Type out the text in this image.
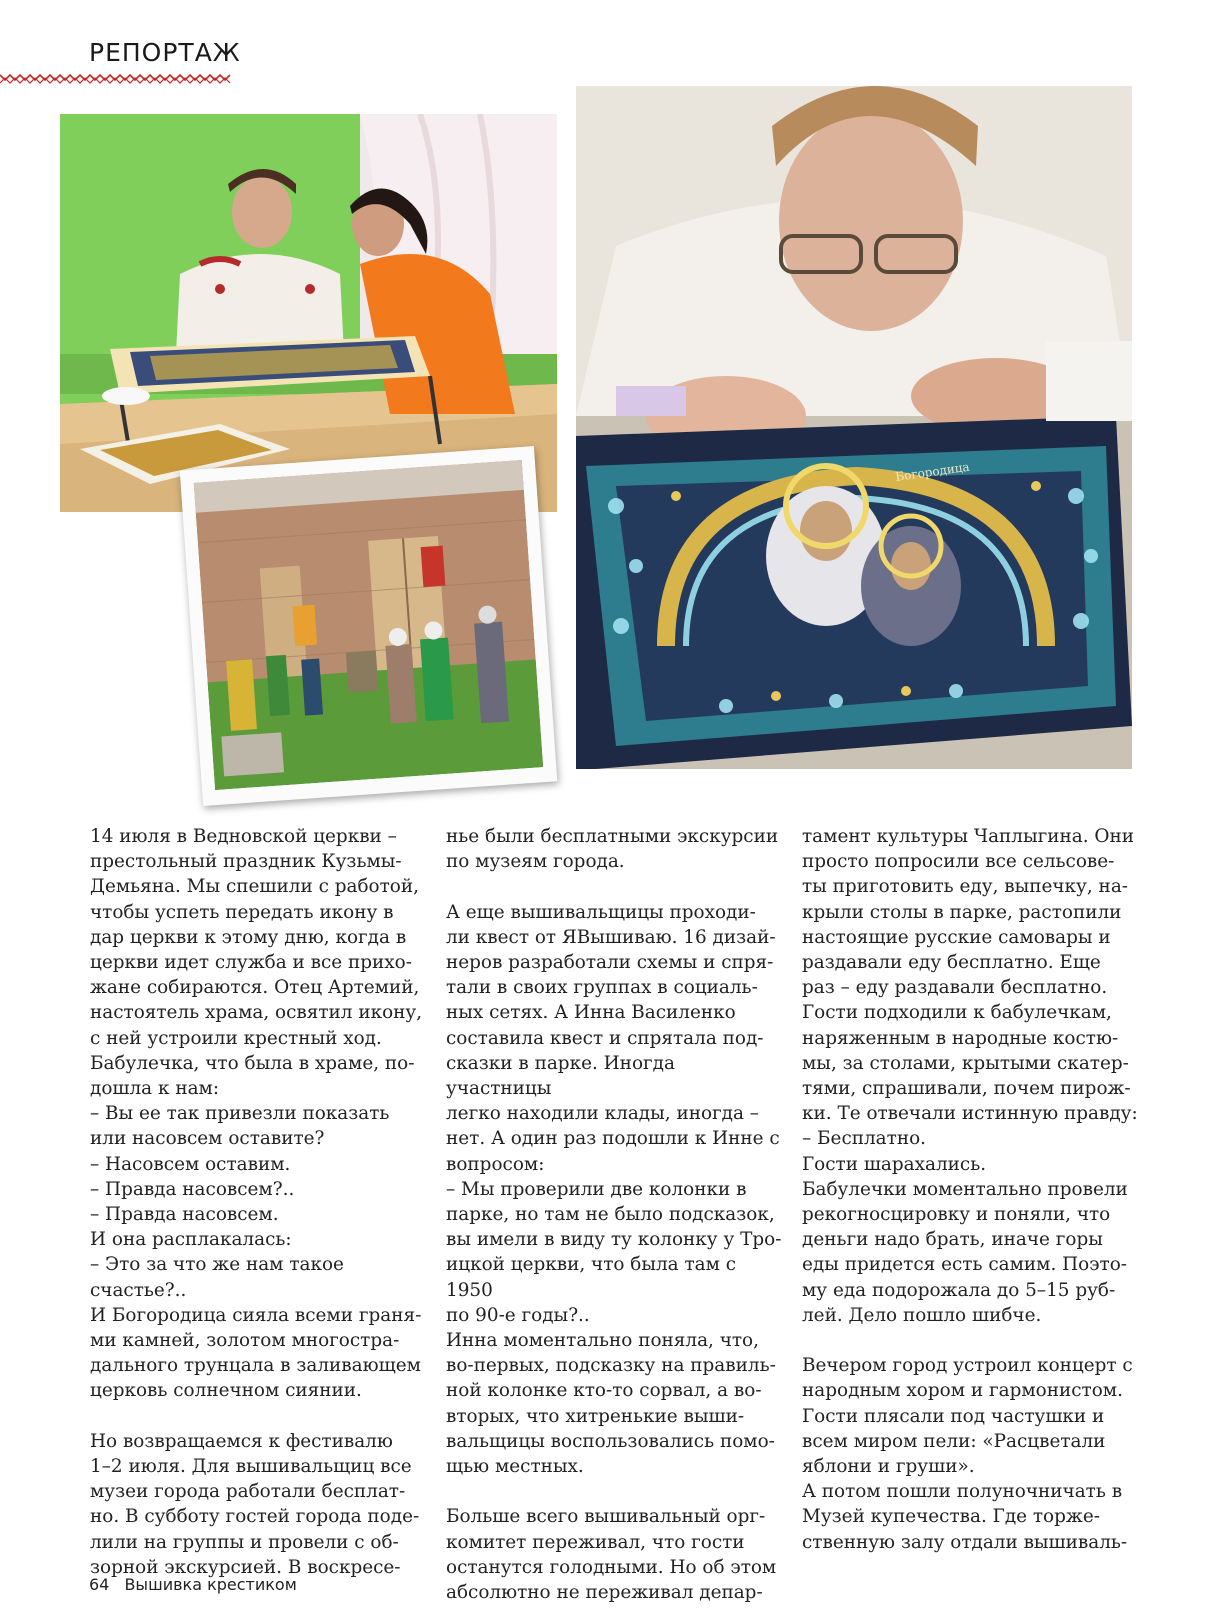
РЕПОРТАЖ
Богородица

14 июля в Ведновской церкви –
престольный праздник Кузьмы-
Демьяна. Мы спешили с работой,
чтобы успеть передать икону в
дар церкви к этому дню, когда в
церкви идет служба и все прихо-
жане собираются. Отец Артемий,
настоятель храма, освятил икону,
с ней устроили крестный ход.
Бабулечка, что была в храме, по-
дошла к нам:
– Вы ее так привезли показать
или насовсем оставите?
– Насовсем оставим.
– Правда насовсем?..
– Правда насовсем.
И она расплакалась:
– Это за что же нам такое счастье?..
И Богородица сияла всеми граня-
ми камней, золотом многостра-
дального трунцала в заливающем
церковь солнечном сиянии.

Но возвращаемся к фестивалю
1–2 июля. Для вышивальщиц все
музеи города работали бесплат-
но. В субботу гостей города поде-
лили на группы и провели с об-
зорной экскурсией. В воскресе-

нье были бесплатными экскурсии
по музеям города.

А еще вышивальщицы проходи-
ли квест от ЯВышиваю. 16 дизай-
неров разработали схемы и спря-
тали в своих группах в социаль-
ных сетях. А Инна Василенко
составила квест и спрятала под-
сказки в парке. Иногда участницы
легко находили клады, иногда –
нет. А один раз подошли к Инне с
вопросом:
– Мы проверили две колонки в
парке, но там не было подсказок,
вы имели в виду ту колонку у Тро-
ицкой церкви, что была там с 1950
по 90-е годы?..
Инна моментально поняла, что,
во-первых, подсказку на правиль-
ной колонке кто-то сорвал, а во-
вторых, что хитренькие выши-
вальщицы воспользовались помо-
щью местных.

Больше всего вышивальный орг-
комитет переживал, что гости
останутся голодными. Но об этом
абсолютно не переживал депар-

тамент культуры Чаплыгина. Они
просто попросили все сельсове-
ты приготовить еду, выпечку, на-
крыли столы в парке, растопили
настоящие русские самовары и
раздавали еду бесплатно. Еще
раз – еду раздавали бесплатно.
Гости подходили к бабулечкам,
наряженным в народные костю-
мы, за столами, крытыми скатер-
тями, спрашивали, почем пирож-
ки. Те отвечали истинную правду:
– Бесплатно.
Гости шарахались.
Бабулечки моментально провели
рекогносцировку и поняли, что
деньги надо брать, иначе горы
еды придется есть самим. Поэто-
му еда подорожала до 5–15 руб-
лей. Дело пошло шибче.

Вечером город устроил концерт с
народным хором и гармонистом.
Гости плясали под частушки и
всем миром пели: «Расцветали
яблони и груши».
А потом пошли полуночничать в
Музей купечества. Где торже-
ственную залу отдали вышиваль-

64 Вышивка крестиком
